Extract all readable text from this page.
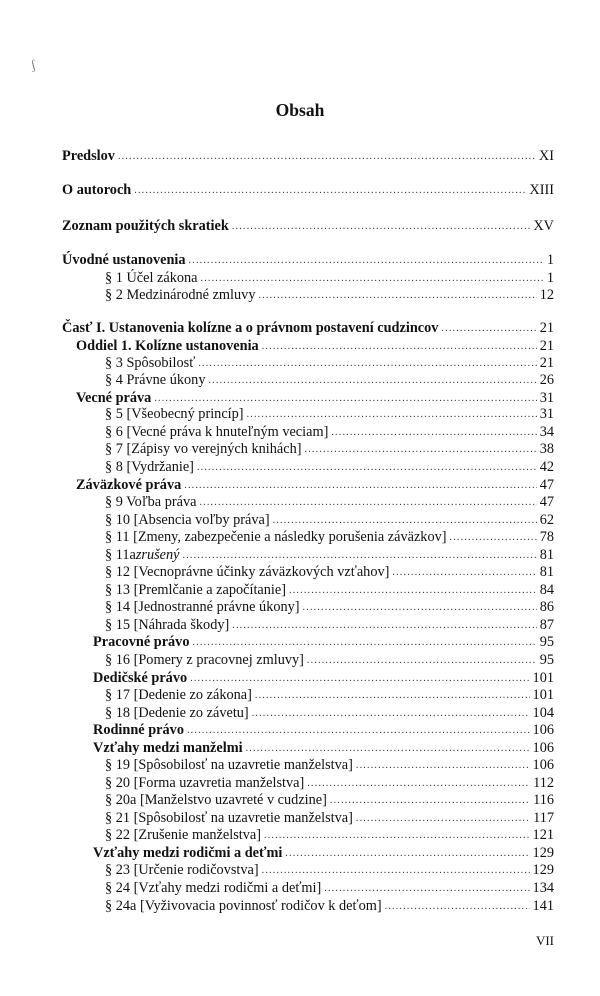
ʃ
Obsah
Predslov .....	XI
O autoroch .....	XIII
Zoznam použitých skratiek .....	XV
Úvodné ustanovenia .....	1
§ 1 Účel zákona .....	1
§ 2 Medzinárodné zmluvy .....	12
Časť I. Ustanovenia kolízne a o právnom postavení cudzincov .....	21
Oddiel 1. Kolízne ustanovenia .....	21
§ 3 Spôsobilosť .....	21
§ 4 Právne úkony .....	26
Vecné práva .....	31
§ 5 [Všeobecný princíp] .....	31
§ 6 [Vecné práva k hnuteľným veciam] .....	34
§ 7 [Zápisy vo verejných knihách] .....	38
§ 8 [Vydržanie] .....	42
Záväzkové práva .....	47
§ 9 Voľba práva .....	47
§ 10 [Absencia voľby práva] .....	62
§ 11 [Zmeny, zabezpečenie a následky porušenia záväzkov] .....	78
§ 11a zrušený .....	81
§ 12 [Vecnoprávne účinky záväzkových vzťahov] .....	81
§ 13 [Premlčanie a započítanie] .....	84
§ 14 [Jednostranné právne úkony] .....	86
§ 15 [Náhrada škody] .....	87
Pracovné právo .....	95
§ 16 [Pomery z pracovnej zmluvy] .....	95
Dedičské právo .....	101
§ 17 [Dedenie zo zákona] .....	101
§ 18 [Dedenie zo závetu] .....	104
Rodinné právo .....	106
Vzťahy medzi manželmi .....	106
§ 19 [Spôsobilosť na uzavretie manželstva] .....	106
§ 20 [Forma uzavretia manželstva] .....	112
§ 20a [Manželstvo uzavreté v cudzine] .....	116
§ 21 [Spôsobilosť na uzavretie manželstva] .....	117
§ 22 [Zrušenie manželstva] .....	121
Vzťahy medzi rodičmi a deťmi .....	129
§ 23 [Určenie rodičovstva] .....	129
§ 24 [Vzťahy medzi rodičmi a deťmi] .....	134
§ 24a [Vyživovacia povinnosť rodičov k deťom] .....	141
VII
